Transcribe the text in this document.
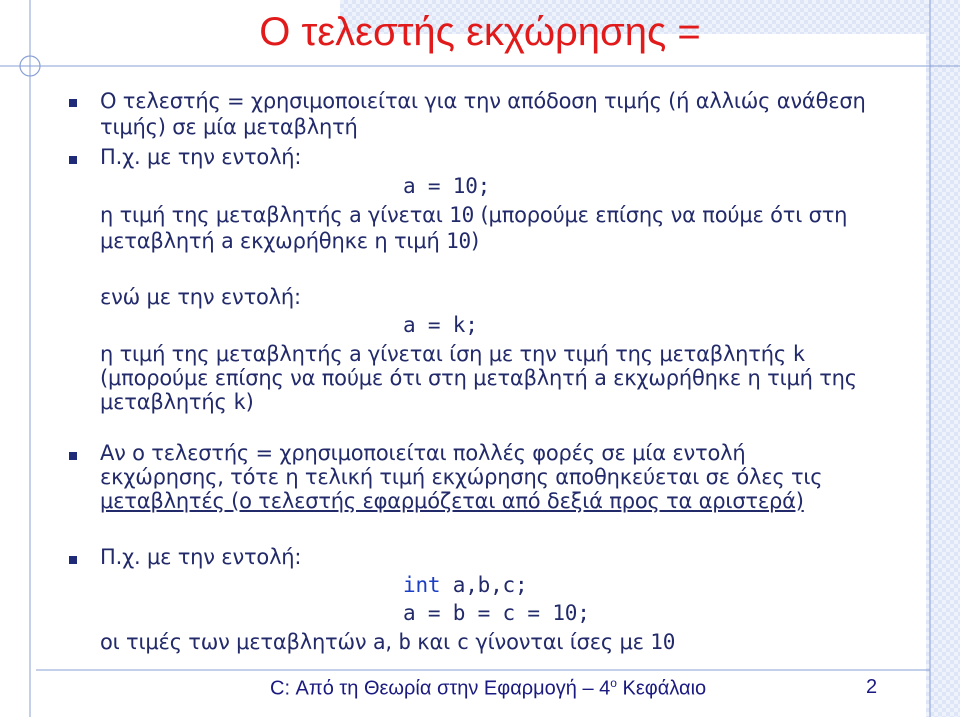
Ο τελεστής εκχώρησης =
Ο τελεστής = χρησιμοποιείται για την απόδοση τιμής (ή αλλιώς ανάθεση
τιμής) σε μία μεταβλητή
Π.χ. με την εντολή:
a = 10;
η τιμή της μεταβλητής a γίνεται 10 (μπορούμε επίσης να πούμε ότι στη
μεταβλητή a εκχωρήθηκε η τιμή 10)
ενώ με την εντολή:
a = k;
η τιμή της μεταβλητής a γίνεται ίση με την τιμή της μεταβλητής k
(μπορούμε επίσης να πούμε ότι στη μεταβλητή a εκχωρήθηκε η τιμή της
μεταβλητής k)
Αν ο τελεστής = χρησιμοποιείται πολλές φορές σε μία εντολή
εκχώρησης, τότε η τελική τιμή εκχώρησης αποθηκεύεται σε όλες τις
μεταβλητές (ο τελεστής εφαρμόζεται από δεξιά προς τα αριστερά)
Π.χ. με την εντολή:
int a,b,c;
a = b = c = 10;
οι τιμές των μεταβλητών a, b και c γίνονται ίσες με 10
C: Από τη Θεωρία στην Εφαρμογή – $4^o$ Κεφάλαιο	2
